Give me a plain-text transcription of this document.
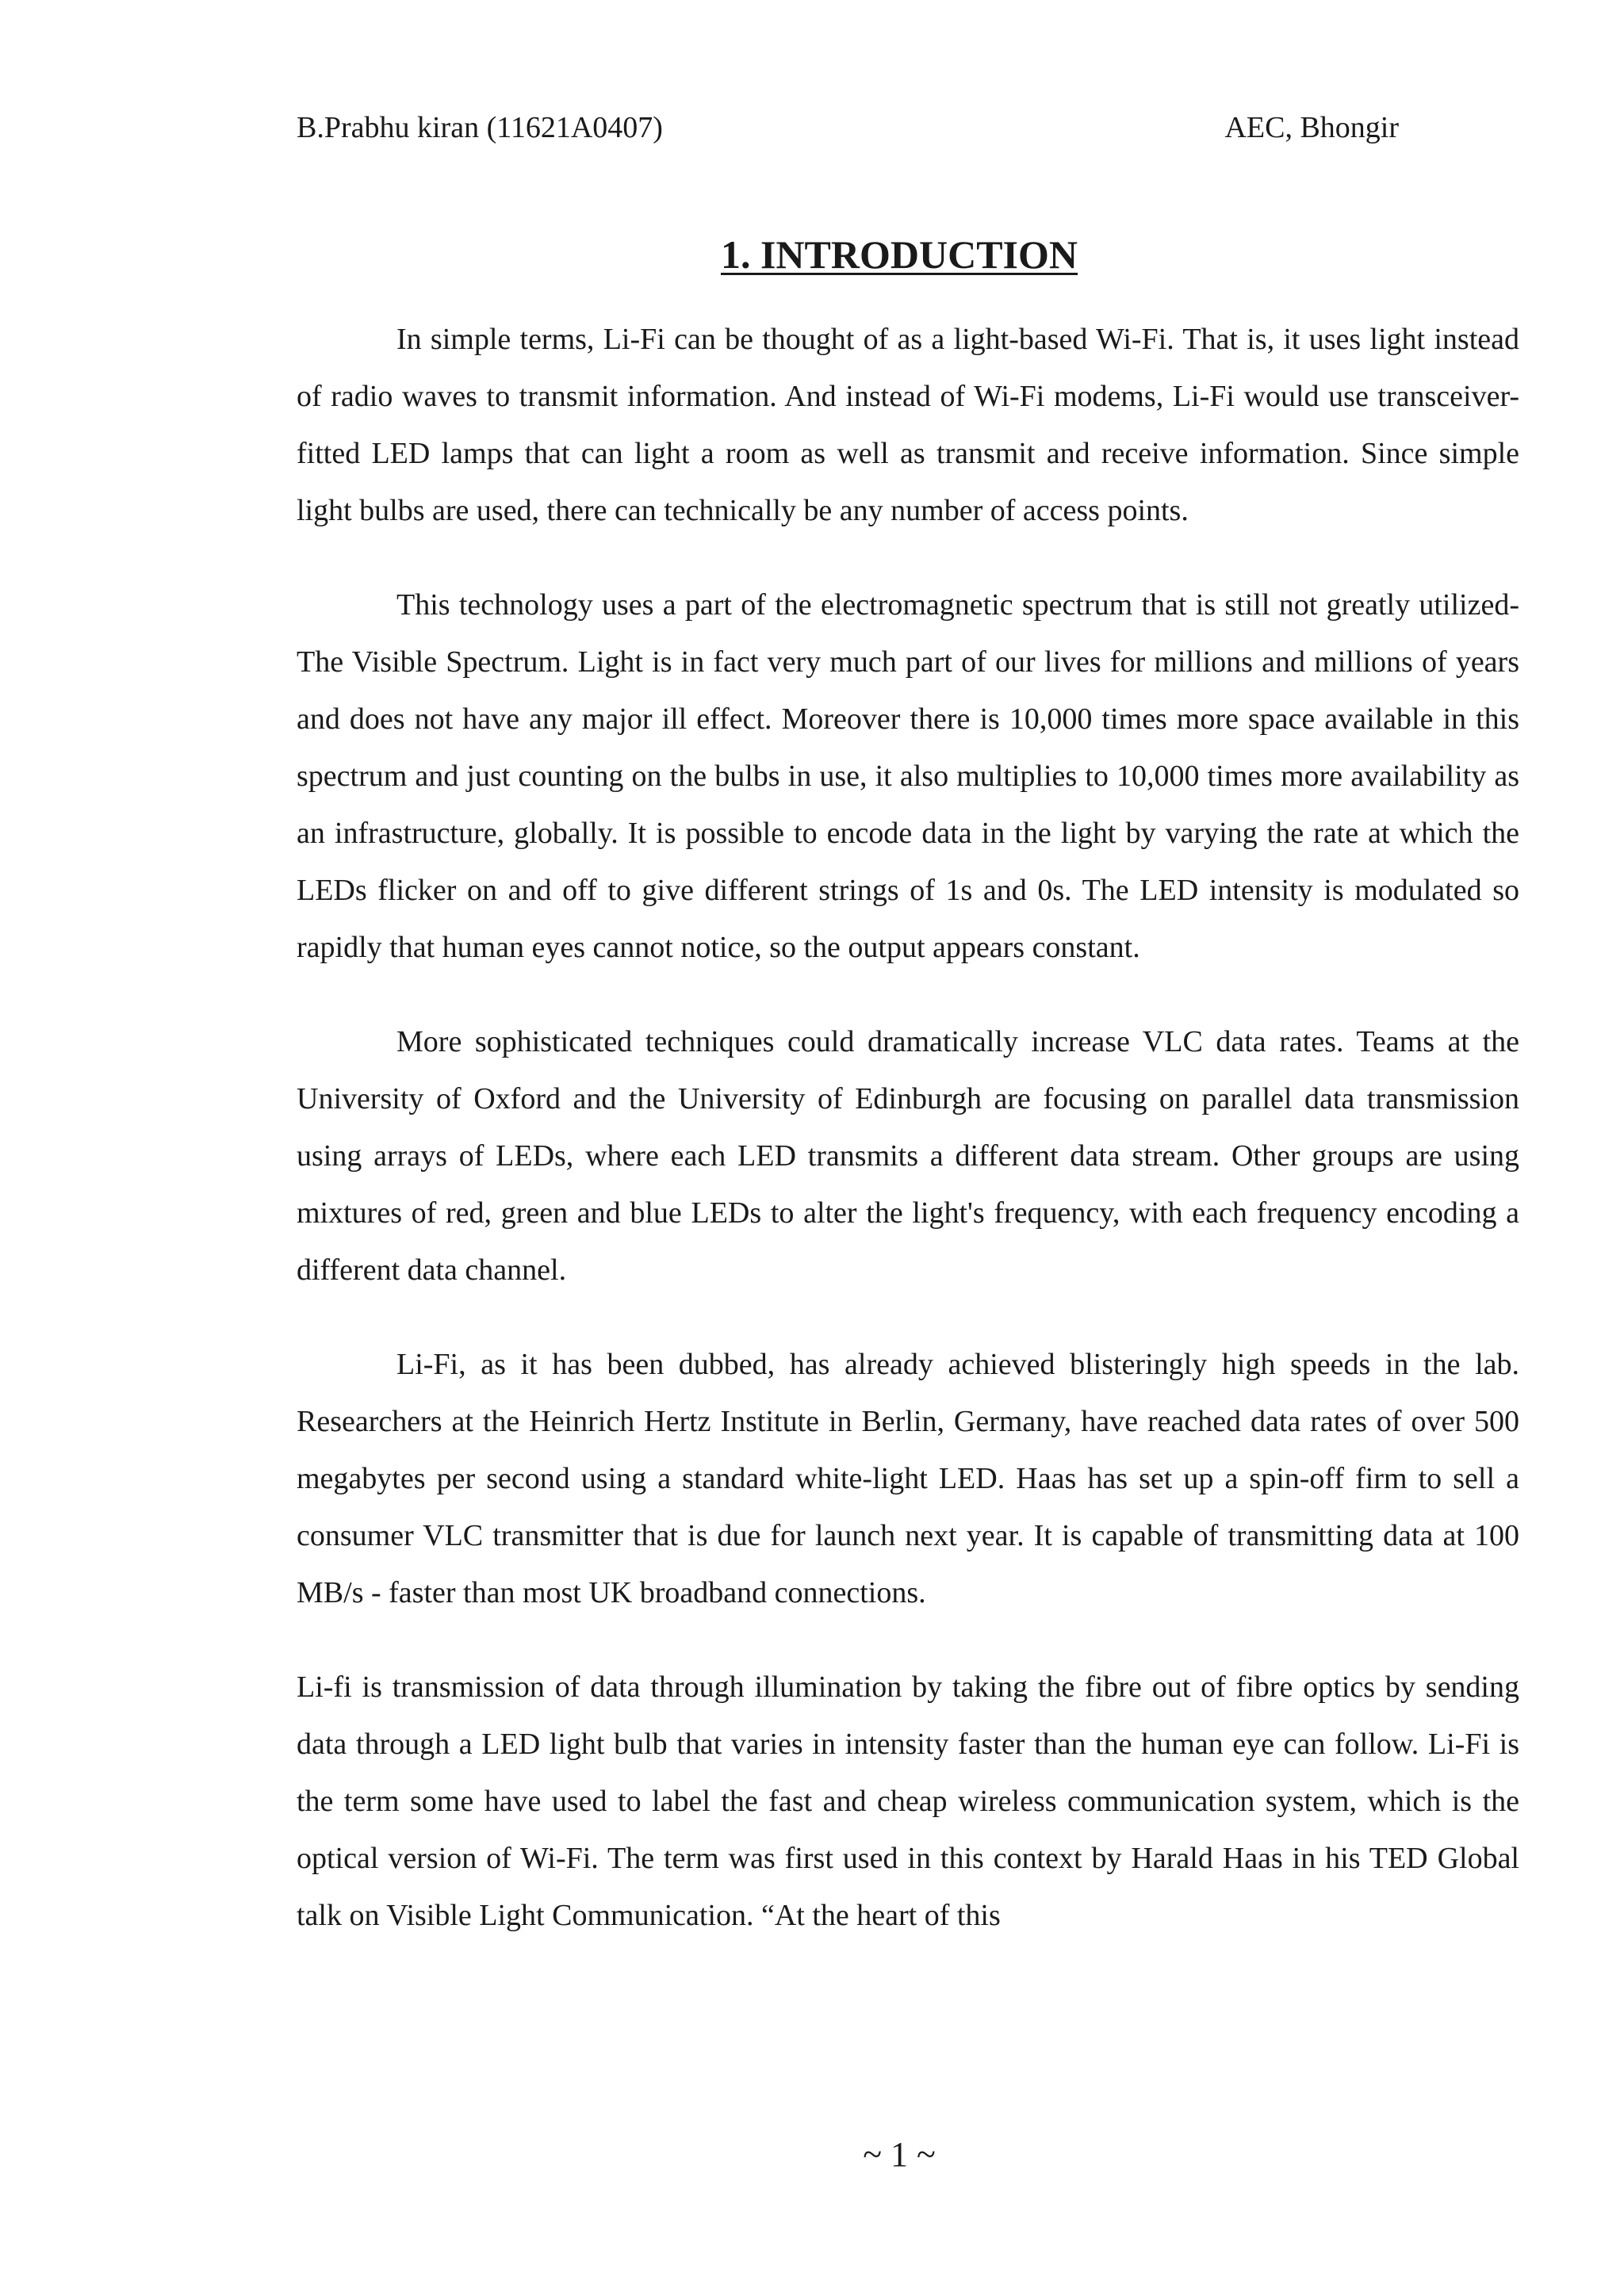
B.Prabhu kiran (11621A0407)	AEC, Bhongir
1. INTRODUCTION

In simple terms, Li-Fi can be thought of as a light-based Wi-Fi. That is, it uses light instead of radio waves to transmit information. And instead of Wi-Fi modems, Li-Fi would use transceiver-fitted LED lamps that can light a room as well as transmit and receive information. Since simple light bulbs are used, there can technically be any number of access points.

This technology uses a part of the electromagnetic spectrum that is still not greatly utilized- The Visible Spectrum. Light is in fact very much part of our lives for millions and millions of years and does not have any major ill effect. Moreover there is 10,000 times more space available in this spectrum and just counting on the bulbs in use, it also multiplies to 10,000 times more availability as an infrastructure, globally. It is possible to encode data in the light by varying the rate at which the LEDs flicker on and off to give different strings of 1s and 0s. The LED intensity is modulated so rapidly that human eyes cannot notice, so the output appears constant.

More sophisticated techniques could dramatically increase VLC data rates. Teams at the University of Oxford and the University of Edinburgh are focusing on parallel data transmission using arrays of LEDs, where each LED transmits a different data stream. Other groups are using mixtures of red, green and blue LEDs to alter the light's frequency, with each frequency encoding a different data channel.

Li-Fi, as it has been dubbed, has already achieved blisteringly high speeds in the lab. Researchers at the Heinrich Hertz Institute in Berlin, Germany, have reached data rates of over 500 megabytes per second using a standard white-light LED. Haas has set up a spin-off firm to sell a consumer VLC transmitter that is due for launch next year. It is capable of transmitting data at 100 MB/s - faster than most UK broadband connections.

Li-fi is transmission of data through illumination by taking the fibre out of fibre optics by sending data through a LED light bulb that varies in intensity faster than the human eye can follow. Li-Fi is the term some have used to label the fast and cheap wireless communication system, which is the optical version of Wi-Fi. The term was first used in this context by Harald Haas in his TED Global talk on Visible Light Communication. “At the heart of this

~ 1 ~
